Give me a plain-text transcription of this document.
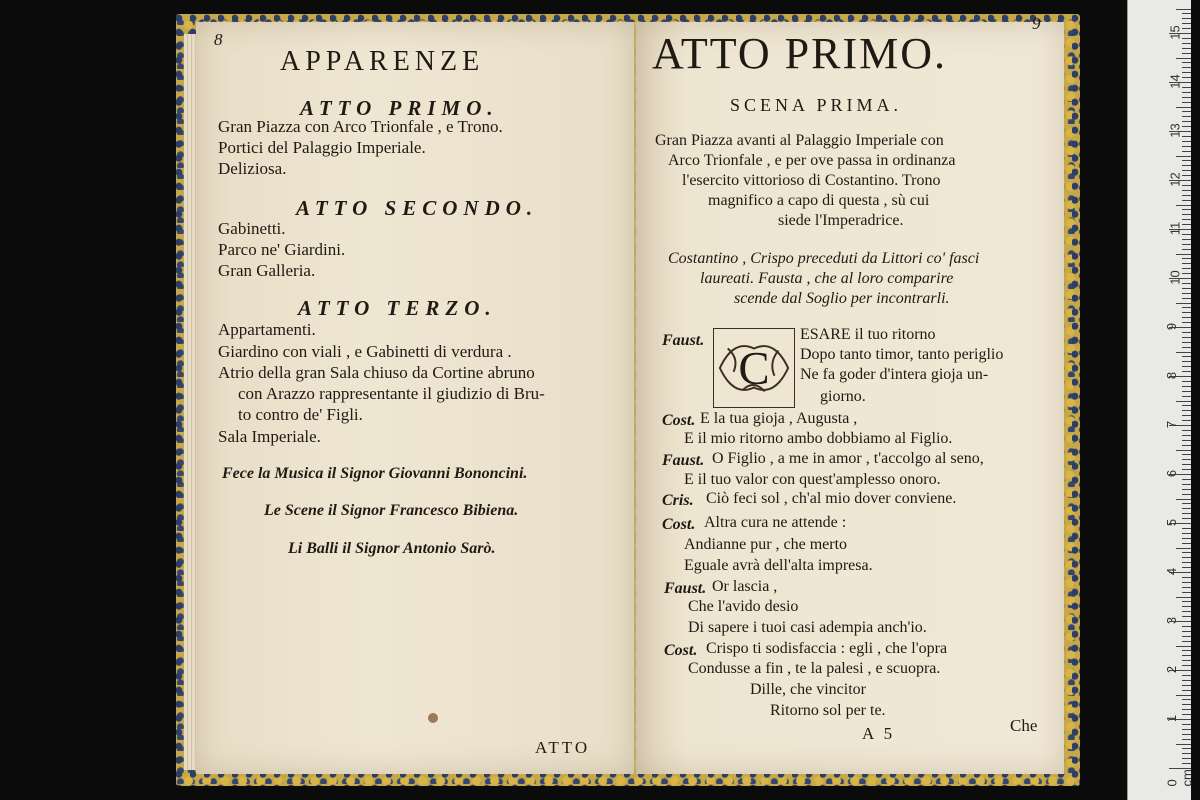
8
APPARENZE
ATTO PRIMO.
Gran Piazza con Arco Trionfale , e Trono.
Portici del Palaggio Imperiale.
Deliziosa.
ATTO SECONDO.
Gabinetti.
Parco ne' Giardini.
Gran Galleria.
ATTO TERZO.
Appartamenti.
Giardino con viali , e Gabinetti di verdura .
Atrio della gran Sala chiuso da Cortine abruno
con Arazzo rappresentante il giudizio di Bru-
to contro de' Figli.
Sala Imperiale.
Fece la Musica il Signor Giovanni Bononcini.
Le Scene il Signor Francesco Bibiena.
Li Balli il Signor Antonio Sarò.
ATTO
9
ATTO PRIMO.
SCENA PRIMA.
Gran Piazza avanti al Palaggio Imperiale con
Arco Trionfale , e per ove passa in ordinanza
l'esercito vittorioso di Costantino. Trono
magnifico a capo di questa , sù cui
siede l'Imperadrice.
Costantino , Crispo preceduti da Littori co' fasci
laureati. Fausta , che al loro comparire
scende dal Soglio per incontrarli.
C
Faust.	ESARE il tuo ritorno
Dopo tanto timor, tanto periglio
Ne fa goder d'intera gioja un-
giorno.
Cost. E la tua gioja , Augusta ,
E il mio ritorno ambo dobbiamo al Figlio.
Faust. O Figlio , a me in amor , t'accolgo al seno,
E il tuo valor con quest'amplesso onoro.
Cris. Ciò feci sol , ch'al mio dover conviene.
Cost. Altra cura ne attende :
Andianne pur , che merto
Eguale avrà dell'alta impresa.
Faust. Or lascia ,
Che l'avido desio
Di sapere i tuoi casi adempia anch'io.
Cost. Crispo ti sodisfaccia : egli , che l'opra
Condusse a fin , te la palesi , e scuopra.
Dille, che vincitor
Ritorno sol per te.
A 5	Che
0 cm
1
2
3
4
5
6
7
8
9
10
11
12
13
14
15
